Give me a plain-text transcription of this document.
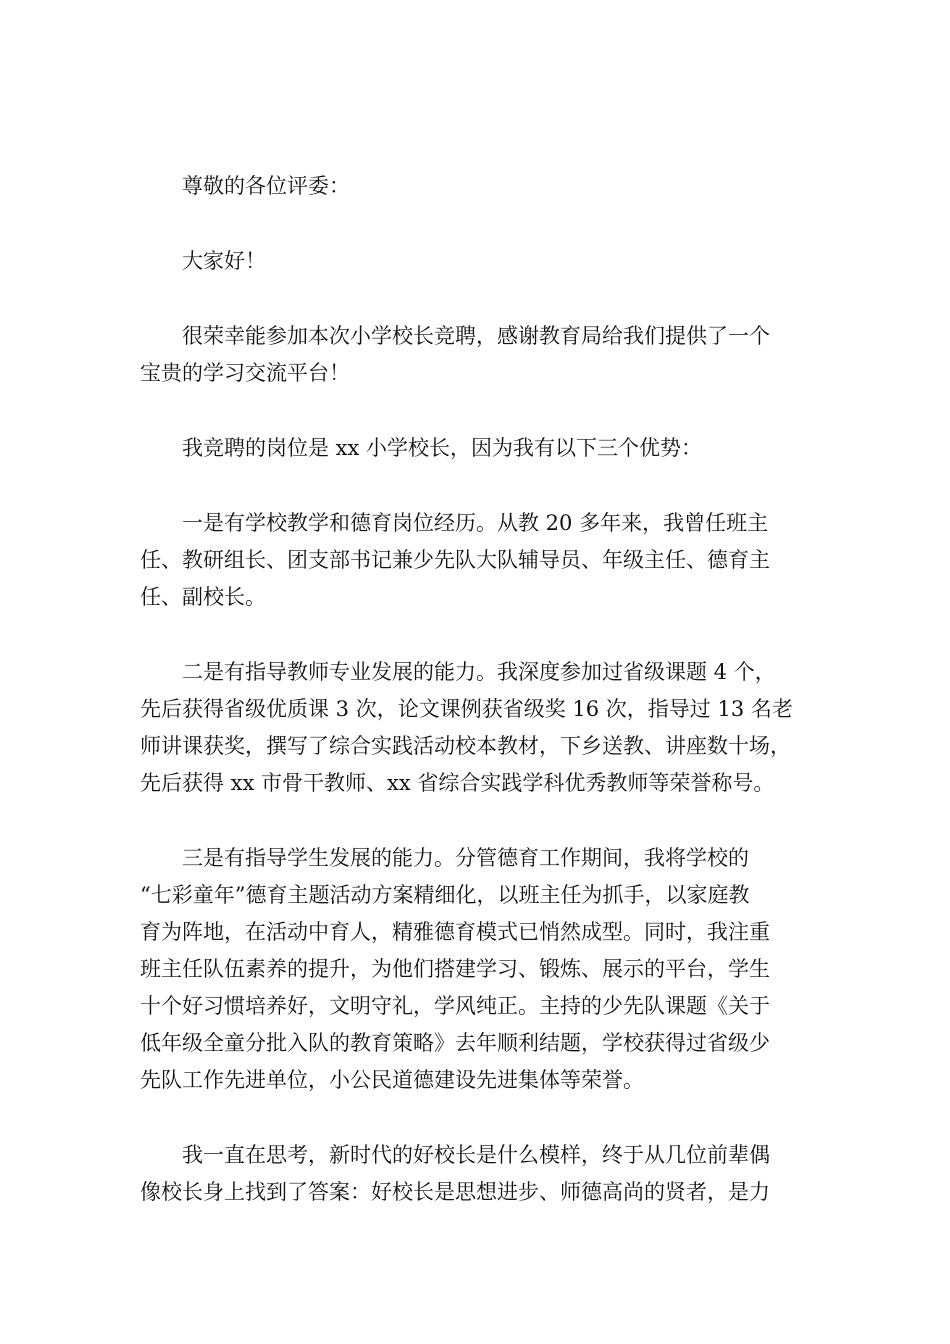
尊敬的各位评委：

大家好！

很荣幸能参加本次小学校长竞聘，感谢教育局给我们提供了一个
宝贵的学习交流平台！

我竞聘的岗位是 xx 小学校长，因为我有以下三个优势：

一是有学校教学和德育岗位经历。从教 20 多年来，我曾任班主
任、教研组长、团支部书记兼少先队大队辅导员、年级主任、德育主
任、副校长。

二是有指导教师专业发展的能力。我深度参加过省级课题 4 个，
先后获得省级优质课 3 次，论文课例获省级奖 16 次，指导过 13 名老
师讲课获奖，撰写了综合实践活动校本教材，下乡送教、讲座数十场，
先后获得 xx 市骨干教师、xx 省综合实践学科优秀教师等荣誉称号。

三是有指导学生发展的能力。分管德育工作期间，我将学校的
“七彩童年”德育主题活动方案精细化，以班主任为抓手，以家庭教
育为阵地，在活动中育人，精雅德育模式已悄然成型。同时，我注重
班主任队伍素养的提升，为他们搭建学习、锻炼、展示的平台，学生
十个好习惯培养好，文明守礼，学风纯正。主持的少先队课题《关于
低年级全童分批入队的教育策略》去年顺利结题，学校获得过省级少
先队工作先进单位，小公民道德建设先进集体等荣誉。

我一直在思考，新时代的好校长是什么模样，终于从几位前辈偶
像校长身上找到了答案：好校长是思想进步、师德高尚的贤者，是力
